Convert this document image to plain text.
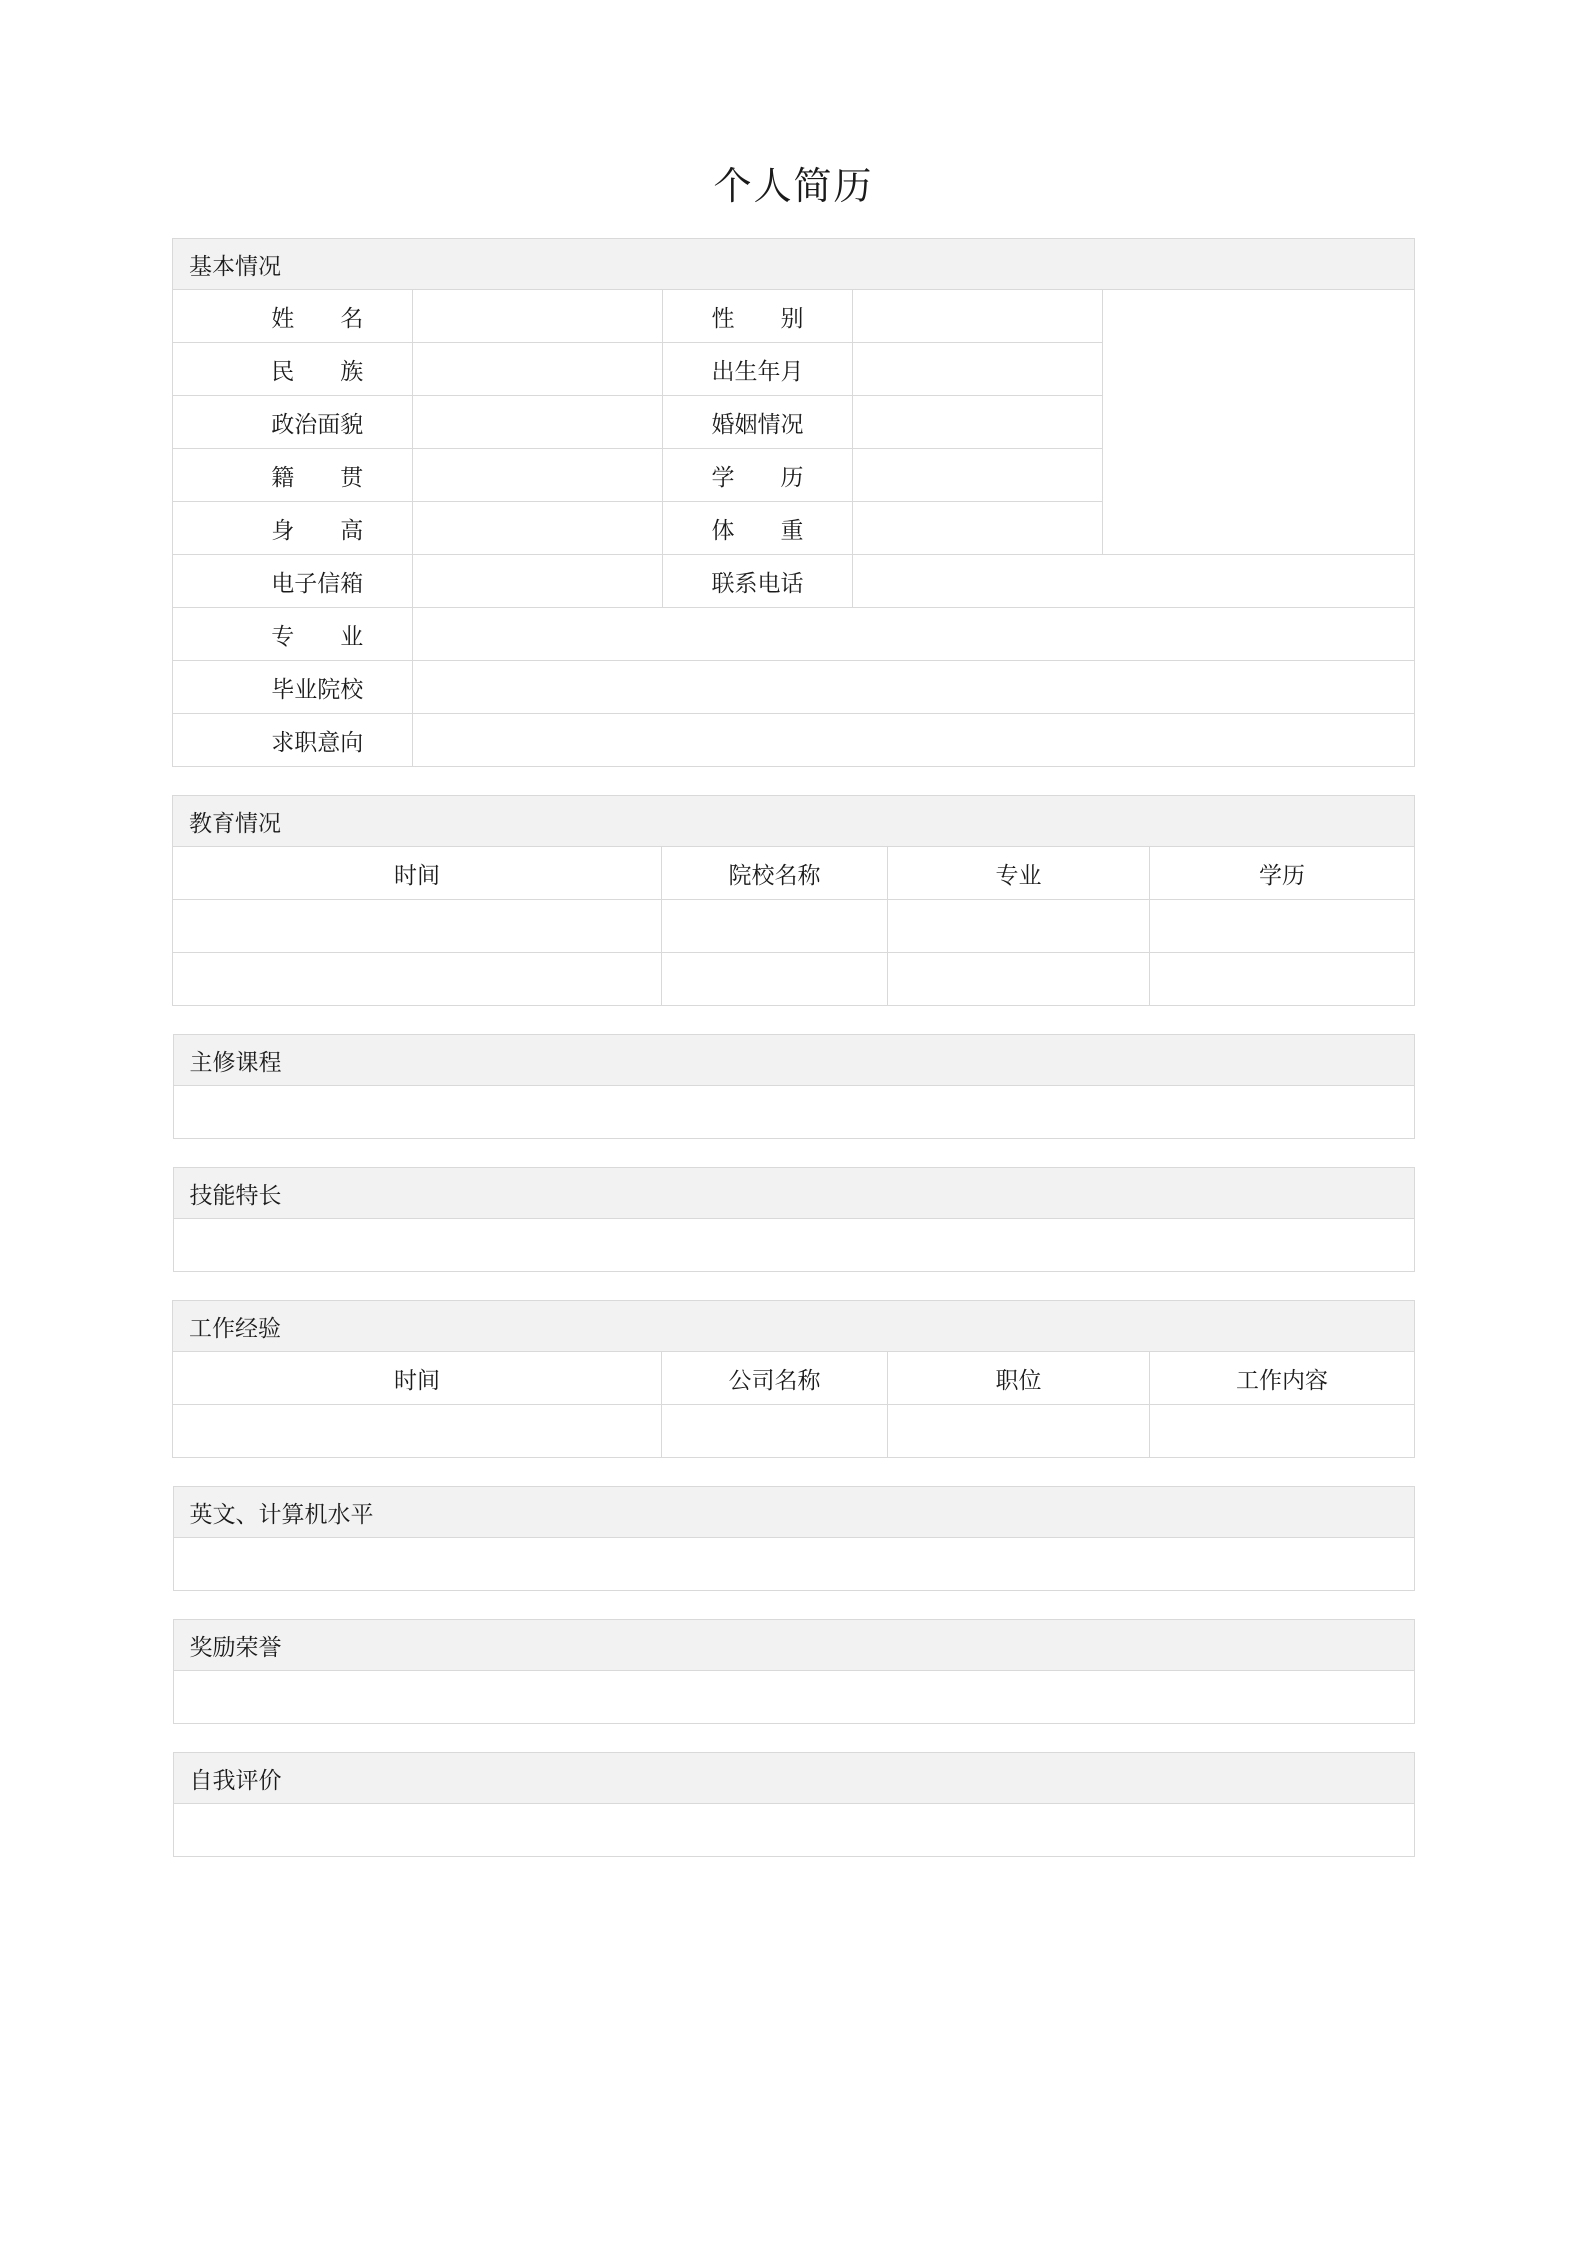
个人简历
基本情况					
	姓　　名		性　　别		
	民　　族		出生年月		
	政治面貌		婚姻情况		
	籍　　贯		学　　历		
	身　　高		体　　重		
	电子信箱		联系电话		
	专　　业				
	毕业院校				
	求职意向				
教育情况			
时间	院校名称	专业	学历

主修课程

技能特长

工作经验			
时间	公司名称	职位	工作内容

英文、计算机水平

奖励荣誉

自我评价
